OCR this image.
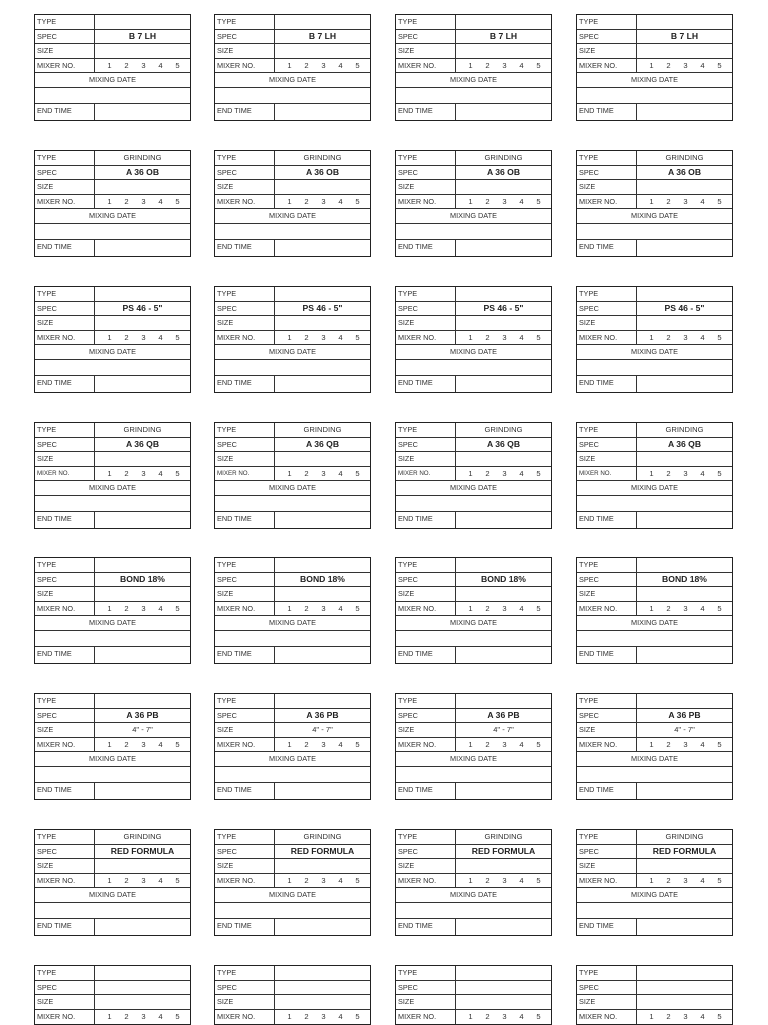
TYPE
SPEC	B 7 LH
SIZE
MIXER NO.	1 2 3 4 5
MIXING DATE
END TIME
TYPE
SPEC	B 7 LH
SIZE
MIXER NO.	1 2 3 4 5
MIXING DATE
END TIME
TYPE
SPEC	B 7 LH
SIZE
MIXER NO.	1 2 3 4 5
MIXING DATE
END TIME
TYPE
SPEC	B 7 LH
SIZE
MIXER NO.	1 2 3 4 5
MIXING DATE
END TIME
TYPE	GRINDING
SPEC	A 36 OB
SIZE
MIXER NO.	1 2 3 4 5
MIXING DATE
END TIME
TYPE	GRINDING
SPEC	A 36 OB
SIZE
MIXER NO.	1 2 3 4 5
MIXING DATE
END TIME
TYPE	GRINDING
SPEC	A 36 OB
SIZE
MIXER NO.	1 2 3 4 5
MIXING DATE
END TIME
TYPE	GRINDING
SPEC	A 36 OB
SIZE
MIXER NO.	1 2 3 4 5
MIXING DATE
END TIME
TYPE
SPEC	PS 46 - 5"
SIZE
MIXER NO.	1 2 3 4 5
MIXING DATE
END TIME
TYPE
SPEC	PS 46 - 5"
SIZE
MIXER NO.	1 2 3 4 5
MIXING DATE
END TIME
TYPE
SPEC	PS 46 - 5"
SIZE
MIXER NO.	1 2 3 4 5
MIXING DATE
END TIME
TYPE
SPEC	PS 46 - 5"
SIZE
MIXER NO.	1 2 3 4 5
MIXING DATE
END TIME
TYPE	GRINDING
SPEC	A 36 QB
SIZE
MIXER NO.	1 2 3 4 5
MIXING DATE
END TIME
TYPE	GRINDING
SPEC	A 36 QB
SIZE
MIXER NO.	1 2 3 4 5
MIXING DATE
END TIME
TYPE	GRINDING
SPEC	A 36 QB
SIZE
MIXER NO.	1 2 3 4 5
MIXING DATE
END TIME
TYPE	GRINDING
SPEC	A 36 QB
SIZE
MIXER NO.	1 2 3 4 5
MIXING DATE
END TIME
TYPE
SPEC	BOND 18%
SIZE
MIXER NO.	1 2 3 4 5
MIXING DATE
END TIME
TYPE
SPEC	BOND 18%
SIZE
MIXER NO.	1 2 3 4 5
MIXING DATE
END TIME
TYPE
SPEC	BOND 18%
SIZE
MIXER NO.	1 2 3 4 5
MIXING DATE
END TIME
TYPE
SPEC	BOND 18%
SIZE
MIXER NO.	1 2 3 4 5
MIXING DATE
END TIME
TYPE
SPEC	A 36 PB
SIZE	4" - 7"
MIXER NO.	1 2 3 4 5
MIXING DATE
END TIME
TYPE
SPEC	A 36 PB
SIZE	4" - 7"
MIXER NO.	1 2 3 4 5
MIXING DATE
END TIME
TYPE
SPEC	A 36 PB
SIZE	4" - 7"
MIXER NO.	1 2 3 4 5
MIXING DATE
END TIME
TYPE
SPEC	A 36 PB
SIZE	4" - 7"
MIXER NO.	1 2 3 4 5
MIXING DATE
END TIME
TYPE	GRINDING
SPEC	RED FORMULA
SIZE
MIXER NO.	1 2 3 4 5
MIXING DATE
END TIME
TYPE	GRINDING
SPEC	RED FORMULA
SIZE
MIXER NO.	1 2 3 4 5
MIXING DATE
END TIME
TYPE	GRINDING
SPEC	RED FORMULA
SIZE
MIXER NO.	1 2 3 4 5
MIXING DATE
END TIME
TYPE	GRINDING
SPEC	RED FORMULA
SIZE
MIXER NO.	1 2 3 4 5
MIXING DATE
END TIME
TYPE
SPEC
SIZE
MIXER NO.	1 2 3 4 5
TYPE
SPEC
SIZE
MIXER NO.	1 2 3 4 5
TYPE
SPEC
SIZE
MIXER NO.	1 2 3 4 5
TYPE
SPEC
SIZE
MIXER NO.	1 2 3 4 5
